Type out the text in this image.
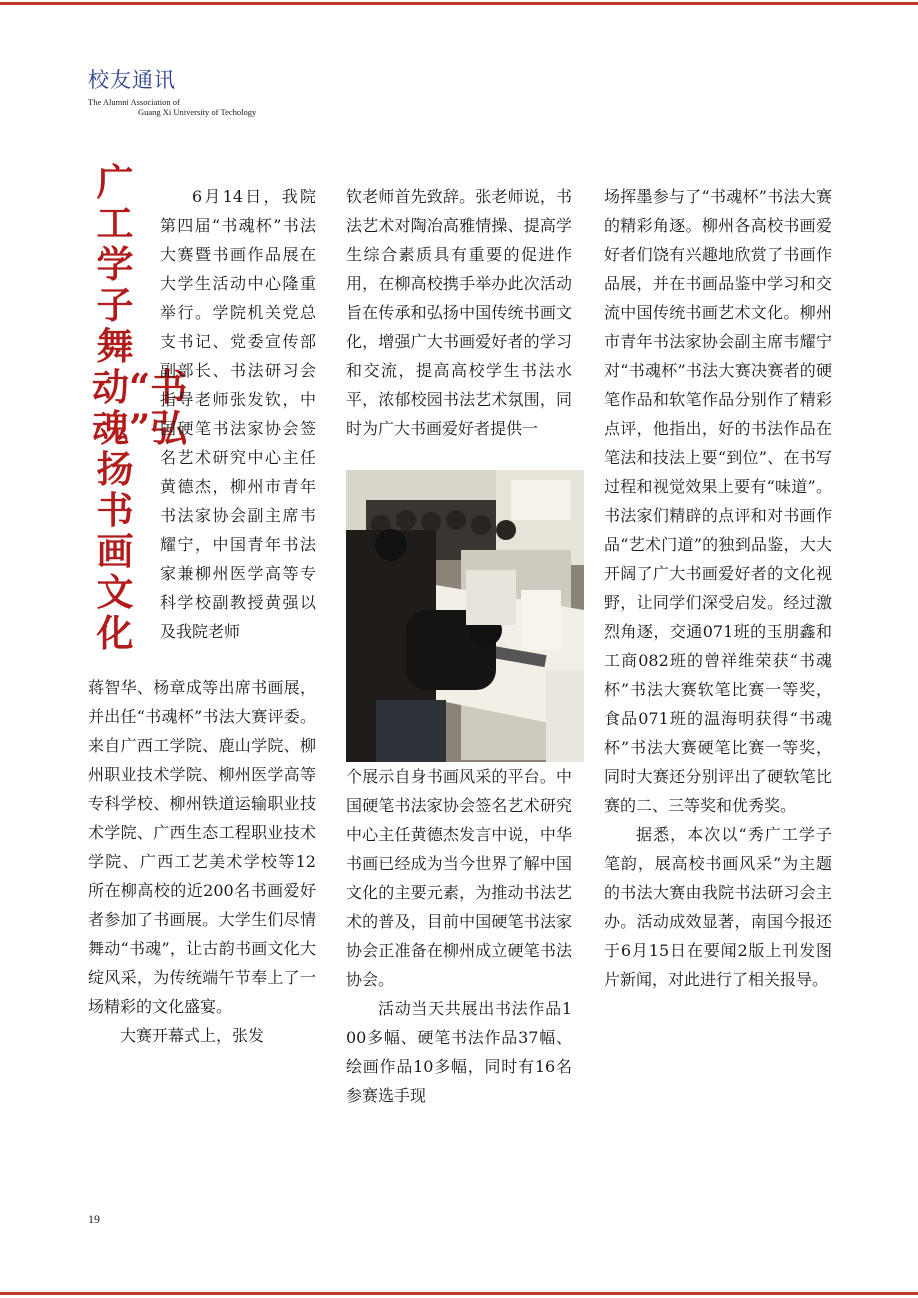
校友通讯
The Alumni Association of
Guang Xi University of Techology
广工学子舞动“书魂”弘扬书画文化

6月14日，我院第四届“书魂杯”书法大赛暨书画作品展在大学生活动中心隆重举行。学院机关党总支书记、党委宣传部副部长、书法研习会指导老师张发钦，中国硬笔书法家协会签名艺术研究中心主任黄德杰，柳州市青年书法家协会副主席韦耀宁，中国青年书法家兼柳州医学高等专科学校副教授黄强以及我院老师

蒋智华、杨章成等出席书画展，并出任“书魂杯”书法大赛评委。来自广西工学院、鹿山学院、柳州职业技术学院、柳州医学高等专科学校、柳州铁道运输职业技术学院、广西生态工程职业技术学院、广西工艺美术学校等12所在柳高校的近200名书画爱好者参加了书画展。大学生们尽情舞动“书魂”，让古韵书画文化大绽风采，为传统端午节奉上了一场精彩的文化盛宴。

大赛开幕式上，张发

钦老师首先致辞。张老师说，书法艺术对陶冶高雅情操、提高学生综合素质具有重要的促进作用，在柳高校携手举办此次活动旨在传承和弘扬中国传统书画文化，增强广大书画爱好者的学习和交流，提高高校学生书法水平，浓郁校园书法艺术氛围，同时为广大书画爱好者提供一

个展示自身书画风采的平台。中国硬笔书法家协会签名艺术研究中心主任黄德杰发言中说，中华书画已经成为当今世界了解中国文化的主要元素，为推动书法艺术的普及，目前中国硬笔书法家协会正准备在柳州成立硬笔书法协会。

活动当天共展出书法作品100多幅、硬笔书法作品37幅、绘画作品10多幅，同时有16名参赛选手现

场挥墨参与了“书魂杯”书法大赛的精彩角逐。柳州各高校书画爱好者们饶有兴趣地欣赏了书画作品展，并在书画品鉴中学习和交流中国传统书画艺术文化。柳州市青年书法家协会副主席韦耀宁对“书魂杯”书法大赛决赛者的硬笔作品和软笔作品分别作了精彩点评，他指出，好的书法作品在笔法和技法上要“到位”、在书写过程和视觉效果上要有“味道”。书法家们精辟的点评和对书画作品“艺术门道”的独到品鉴，大大开阔了广大书画爱好者的文化视野，让同学们深受启发。经过激烈角逐，交通071班的玉朋鑫和工商082班的曾祥维荣获“书魂杯”书法大赛软笔比赛一等奖，食品071班的温海明获得“书魂杯”书法大赛硬笔比赛一等奖，同时大赛还分别评出了硬软笔比赛的二、三等奖和优秀奖。

据悉，本次以“秀广工学子笔韵，展高校书画风采”为主题的书法大赛由我院书法研习会主办。活动成效显著，南国今报还于6月15日在要闻2版上刊发图片新闻，对此进行了相关报导。

19
